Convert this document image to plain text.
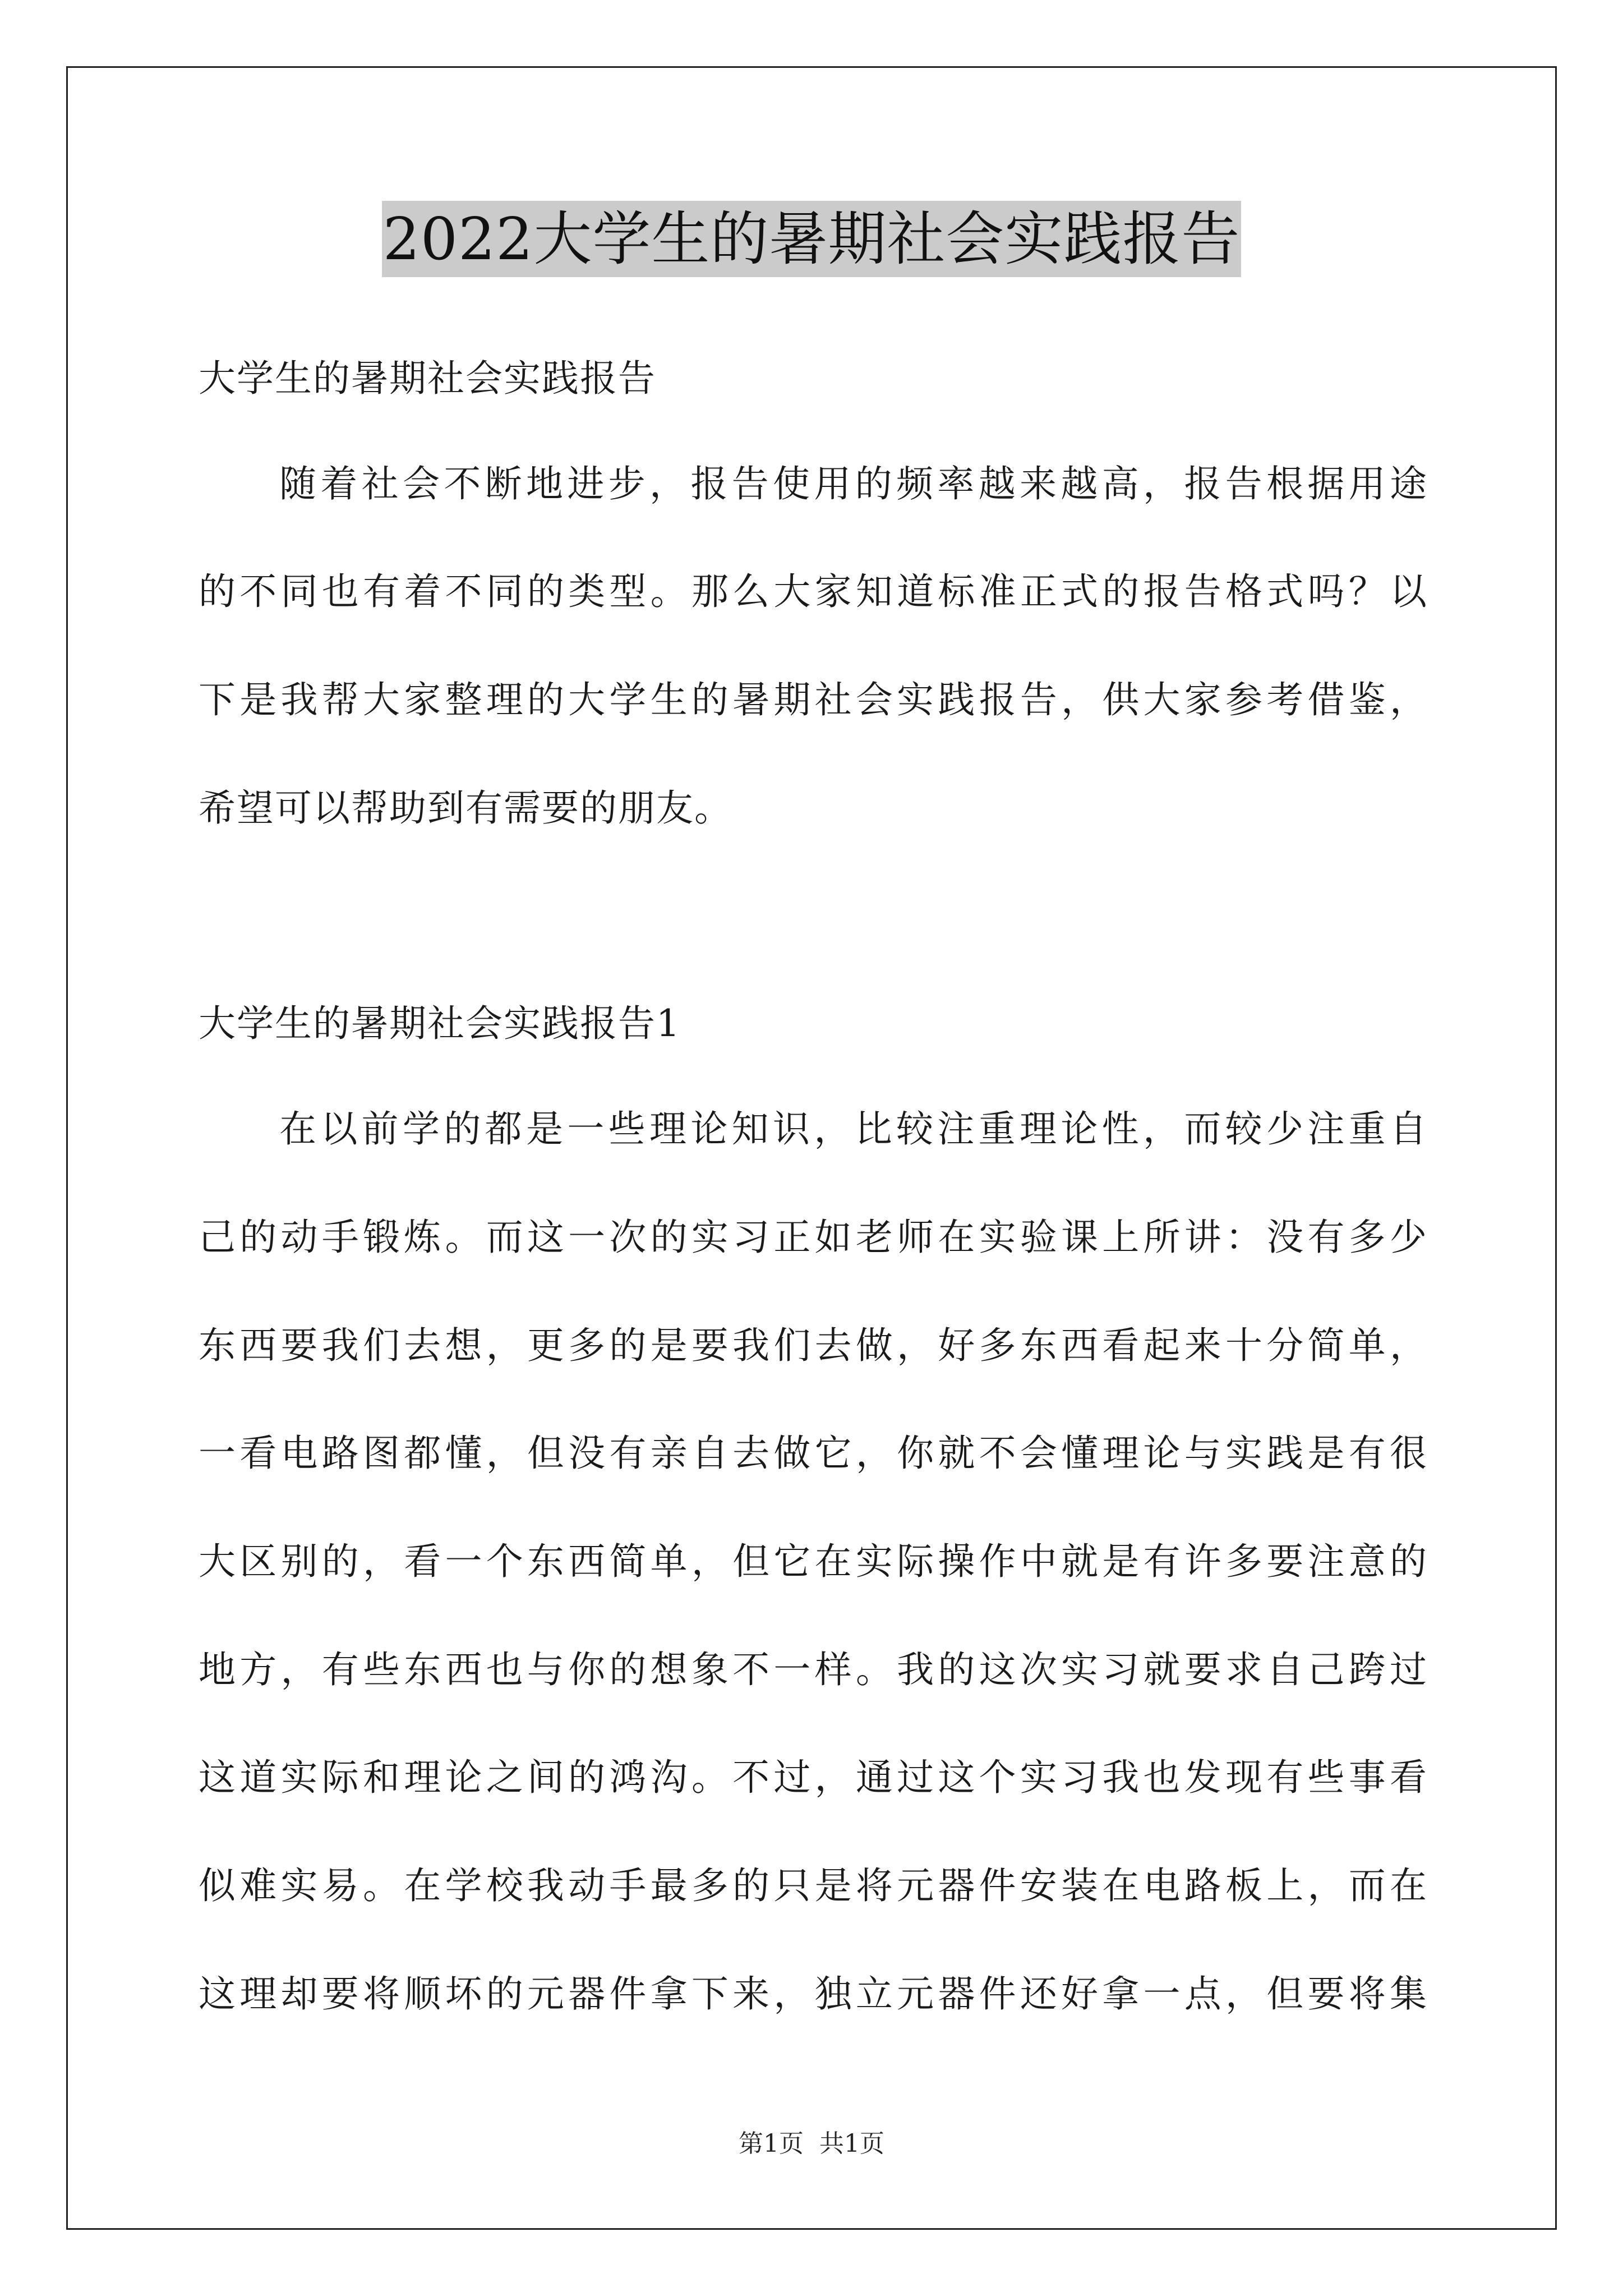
2022大学生的暑期社会实践报告
大学生的暑期社会实践报告
随着社会不断地进步，报告使用的频率越来越高，报告根据用途
的不同也有着不同的类型。那么大家知道标准正式的报告格式吗？以
下是我帮大家整理的大学生的暑期社会实践报告，供大家参考借鉴，
希望可以帮助到有需要的朋友。
大学生的暑期社会实践报告1
在以前学的都是一些理论知识，比较注重理论性，而较少注重自
己的动手锻炼。而这一次的实习正如老师在实验课上所讲：没有多少
东西要我们去想，更多的是要我们去做，好多东西看起来十分简单，
一看电路图都懂，但没有亲自去做它，你就不会懂理论与实践是有很
大区别的，看一个东西简单，但它在实际操作中就是有许多要注意的
地方，有些东西也与你的想象不一样。我的这次实习就要求自己跨过
这道实际和理论之间的鸿沟。不过，通过这个实习我也发现有些事看
似难实易。在学校我动手最多的只是将元器件安装在电路板上，而在
这理却要将顺坏的元器件拿下来，独立元器件还好拿一点，但要将集
第1页 共1页
